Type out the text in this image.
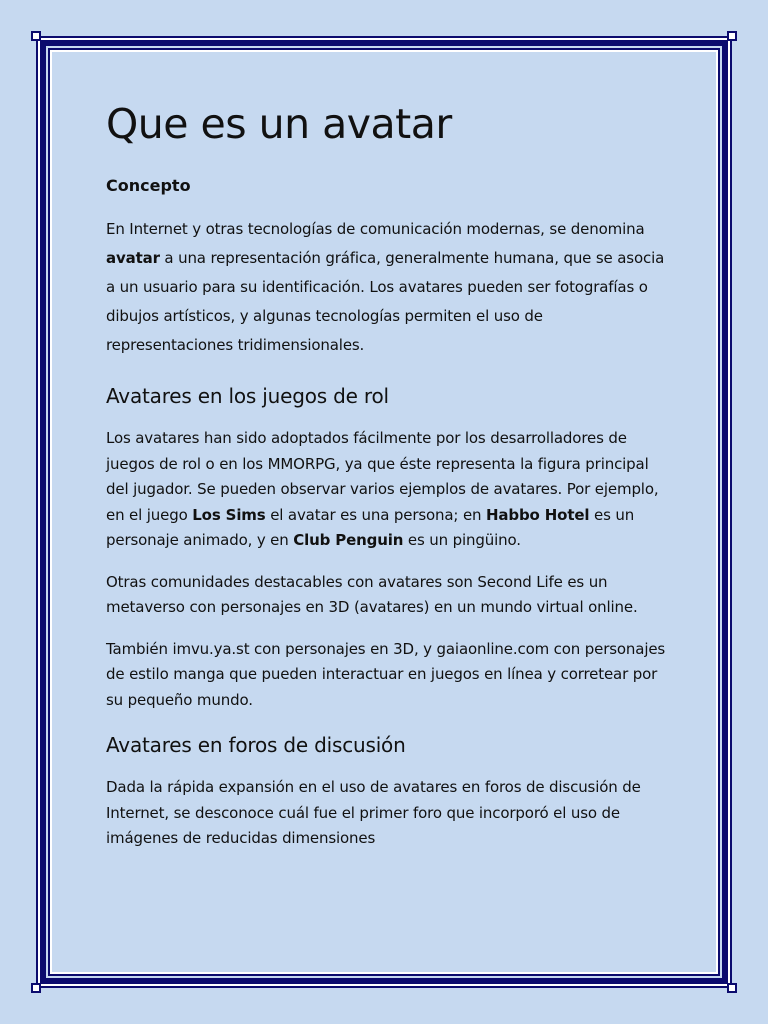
Que es un avatar
Concepto

En Internet y otras tecnologías de comunicación modernas, se denomina avatar a una representación gráfica, generalmente humana, que se asocia a un usuario para su identificación. Los avatares pueden ser fotografías o dibujos artísticos, y algunas tecnologías permiten el uso de representaciones tridimensionales.

Avatares en los juegos de rol

Los avatares han sido adoptados fácilmente por los desarrolladores de juegos de rol o en los MMORPG, ya que éste representa la figura principal del jugador. Se pueden observar varios ejemplos de avatares. Por ejemplo, en el juego Los Sims el avatar es una persona; en Habbo Hotel es un personaje animado, y en Club Penguin es un pingüino.

Otras comunidades destacables con avatares son Second Life es un metaverso con personajes en 3D (avatares) en un mundo virtual online.

También imvu.ya.st con personajes en 3D, y gaiaonline.com con personajes de estilo manga que pueden interactuar en juegos en línea y corretear por su pequeño mundo.

Avatares en foros de discusión

Dada la rápida expansión en el uso de avatares en foros de discusión de Internet, se desconoce cuál fue el primer foro que incorporó el uso de imágenes de reducidas dimensiones
